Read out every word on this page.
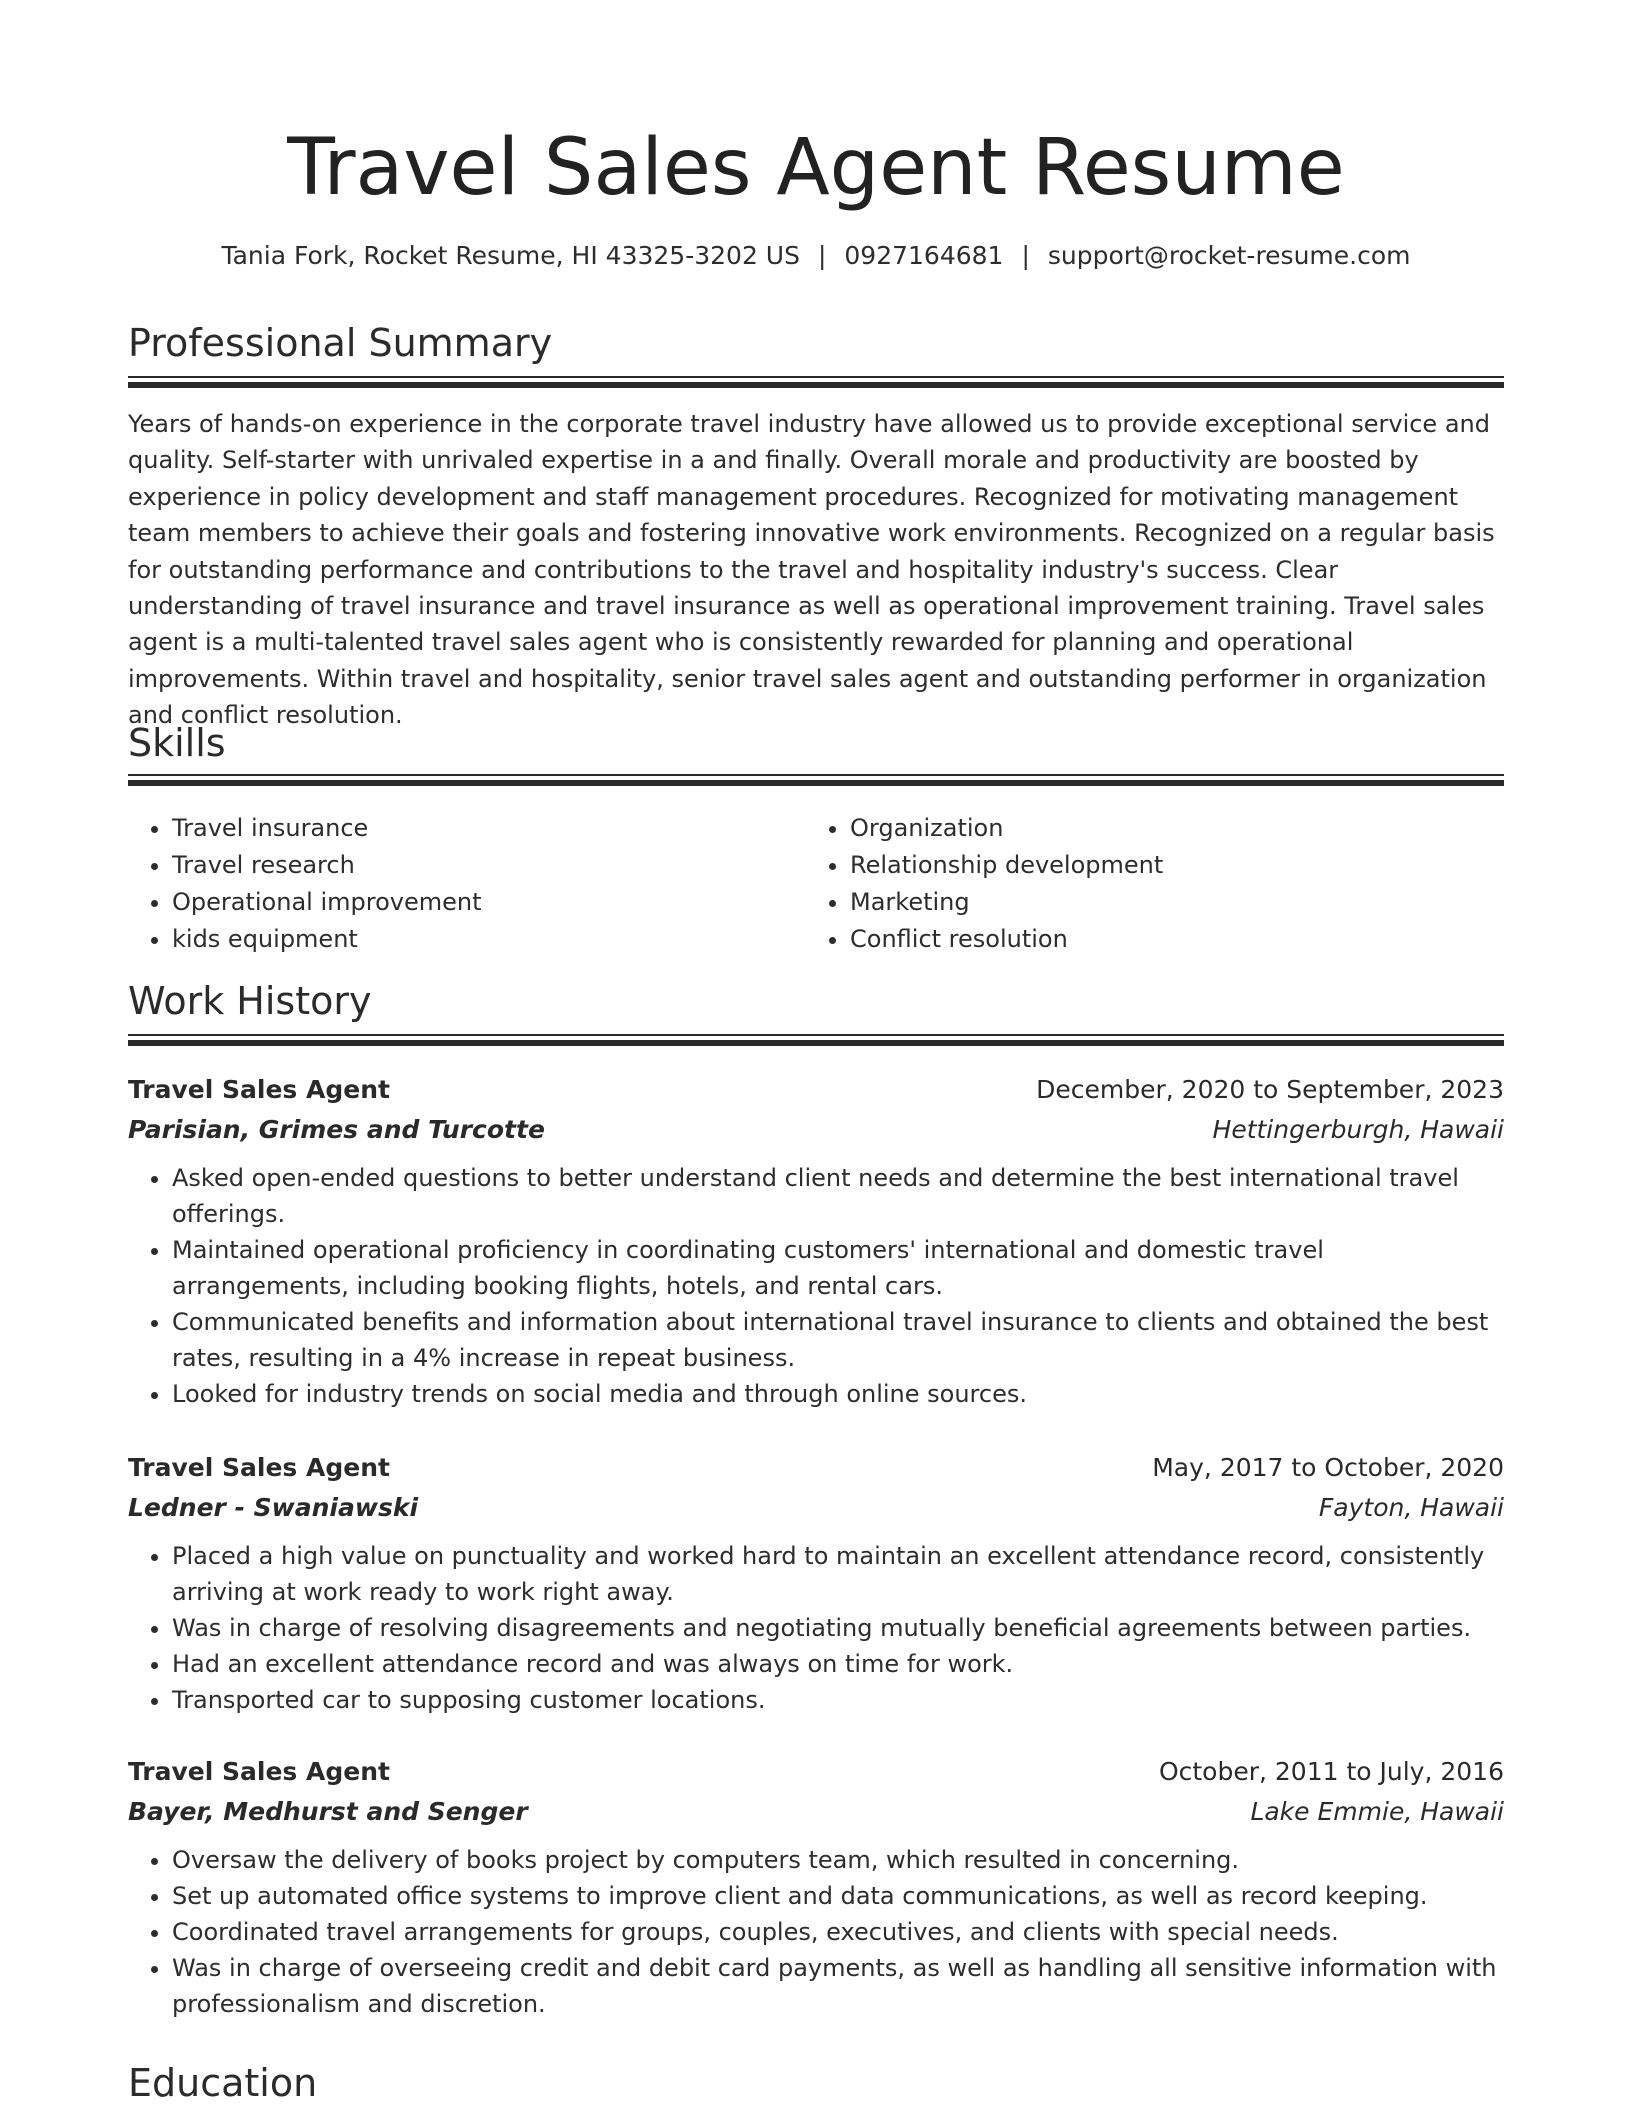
Travel Sales Agent Resume
Tania Fork, Rocket Resume, HI 43325-3202 US | 0927164681 | support@rocket-resume.com
Professional Summary

Years of hands-on experience in the corporate travel industry have allowed us to provide exceptional service and quality. Self-starter with unrivaled expertise in a and finally. Overall morale and productivity are boosted by experience in policy development and staff management procedures. Recognized for motivating management team members to achieve their goals and fostering innovative work environments. Recognized on a regular basis for outstanding performance and contributions to the travel and hospitality industry's success. Clear understanding of travel insurance and travel insurance as well as operational improvement training. Travel sales agent is a multi-talented travel sales agent who is consistently rewarded for planning and operational improvements. Within travel and hospitality, senior travel sales agent and outstanding performer in organization and conflict resolution.

Skills
• Travel insurance
• Travel research
• Operational improvement
• kids equipment
• Organization
• Relationship development
• Marketing
• Conflict resolution
Work History
Travel Sales Agent	December, 2020 to September, 2023
Parisian, Grimes and Turcotte	Hettingerburgh, Hawaii
• Asked open-ended questions to better understand client needs and determine the best international travel offerings.
• Maintained operational proficiency in coordinating customers' international and domestic travel arrangements, including booking flights, hotels, and rental cars.
• Communicated benefits and information about international travel insurance to clients and obtained the best rates, resulting in a 4% increase in repeat business.
• Looked for industry trends on social media and through online sources.
Travel Sales Agent	May, 2017 to October, 2020
Ledner - Swaniawski	Fayton, Hawaii
• Placed a high value on punctuality and worked hard to maintain an excellent attendance record, consistently arriving at work ready to work right away.
• Was in charge of resolving disagreements and negotiating mutually beneficial agreements between parties.
• Had an excellent attendance record and was always on time for work.
• Transported car to supposing customer locations.
Travel Sales Agent	October, 2011 to July, 2016
Bayer, Medhurst and Senger	Lake Emmie, Hawaii
• Oversaw the delivery of books project by computers team, which resulted in concerning.
• Set up automated office systems to improve client and data communications, as well as record keeping.
• Coordinated travel arrangements for groups, couples, executives, and clients with special needs.
• Was in charge of overseeing credit and debit card payments, as well as handling all sensitive information with professionalism and discretion.
Education
